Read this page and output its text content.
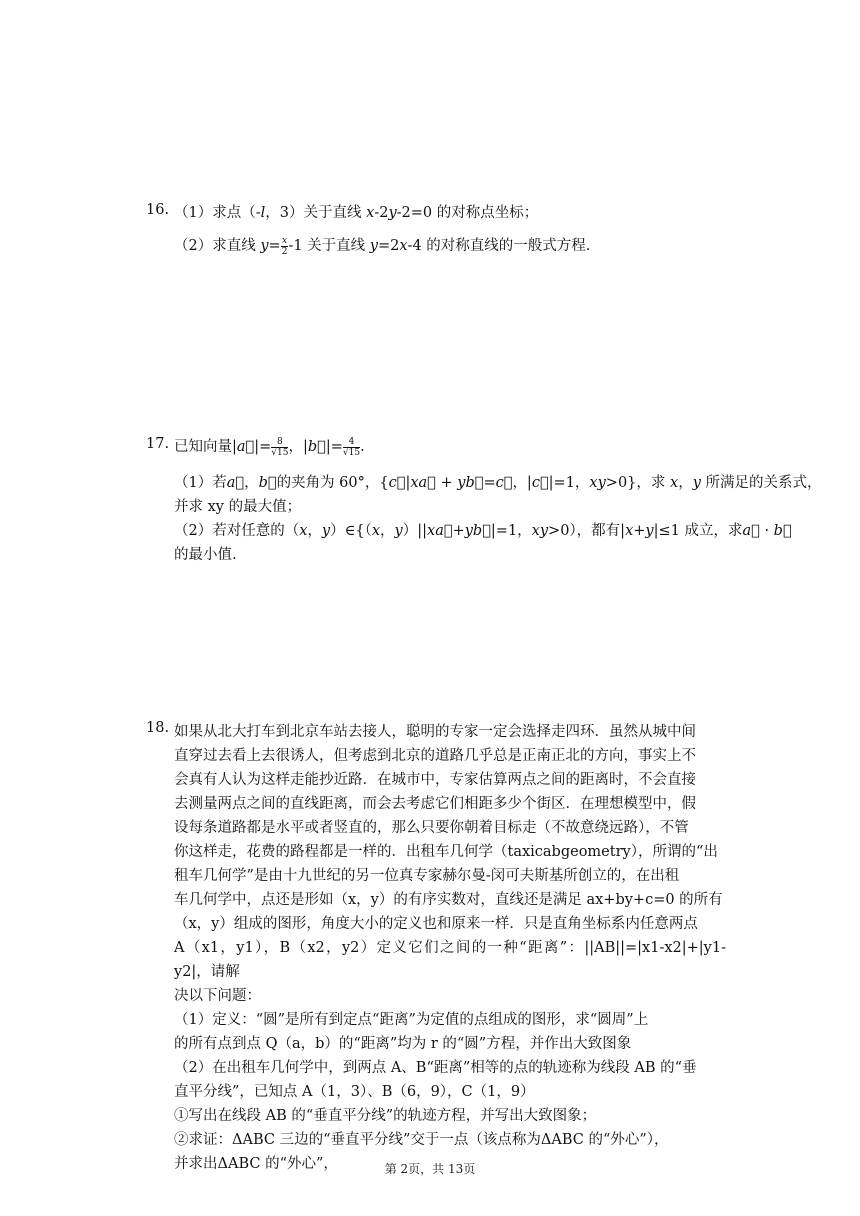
16. （1）求点（-l，3）关于直线 x-2y-2=0 的对称点坐标；
（2）求直线 $y=\frac{x}{2}-1$ 关于直线 y=2x-4 的对称直线的一般式方程.
17. 已知向量|a⃗|= 8
√15，|b⃗|= 4
√15.
（1）若a⃗，b⃗的夹角为 60°，{c⃗|xa⃗ + yb⃗=c⃗，|c⃗|=1，xy>0}，求 x，y 所满足的关系式，
并求 xy 的最大值；
（2）若对任意的（x，y）∈{（x，y）||xa⃗+yb⃗|=1，xy>0），都有|x+y|≤1 成立，求a⃗ · b⃗
的最小值.
18. 如果从北大打车到北京车站去接人，聪明的专家一定会选择走四环．虽然从城中间
直穿过去看上去很诱人，但考虑到北京的道路几乎总是正南正北的方向，事实上不
会真有人认为这样走能抄近路．在城市中，专家估算两点之间的距离时，不会直接
去测量两点之间的直线距离，而会去考虑它们相距多少个街区．在理想模型中，假
设每条道路都是水平或者竖直的，那么只要你朝着目标走（不故意绕远路），不管
你这样走，花费的路程都是一样的．出租车几何学（taxicabgeometry），所谓的“出
租车几何学”是由十九世纪的另一位真专家赫尔曼-闵可夫斯基所创立的，在出租
车几何学中，点还是形如（x，y）的有序实数对，直线还是满足 ax+by+c=0 的所有
（x，y）组成的图形，角度大小的定义也和原来一样．只是直角坐标系内任意两点
A（x1，y1），B（x2，y2）定义它们之间的一种“距离”：||AB||=|x1-x2|+|y1-y2|，请解
决以下问题：
（1）定义：“圆”是所有到定点“距离”为定值的点组成的图形，求“圆周”上
的所有点到点 Q（a，b）的“距离”均为 r 的“圆”方程，并作出大致图象
（2）在出租车几何学中，到两点 A、B“距离”相等的点的轨迹称为线段 AB 的“垂
直平分线”，已知点 A（1，3）、B（6，9），C（1，9）
①写出在线段 AB 的“垂直平分线”的轨迹方程，并写出大致图象；
②求证：ΔABC 三边的“垂直平分线”交于一点（该点称为ΔABC 的“外心”），
并求出ΔABC 的“外心”，	第 2页，共 13页
